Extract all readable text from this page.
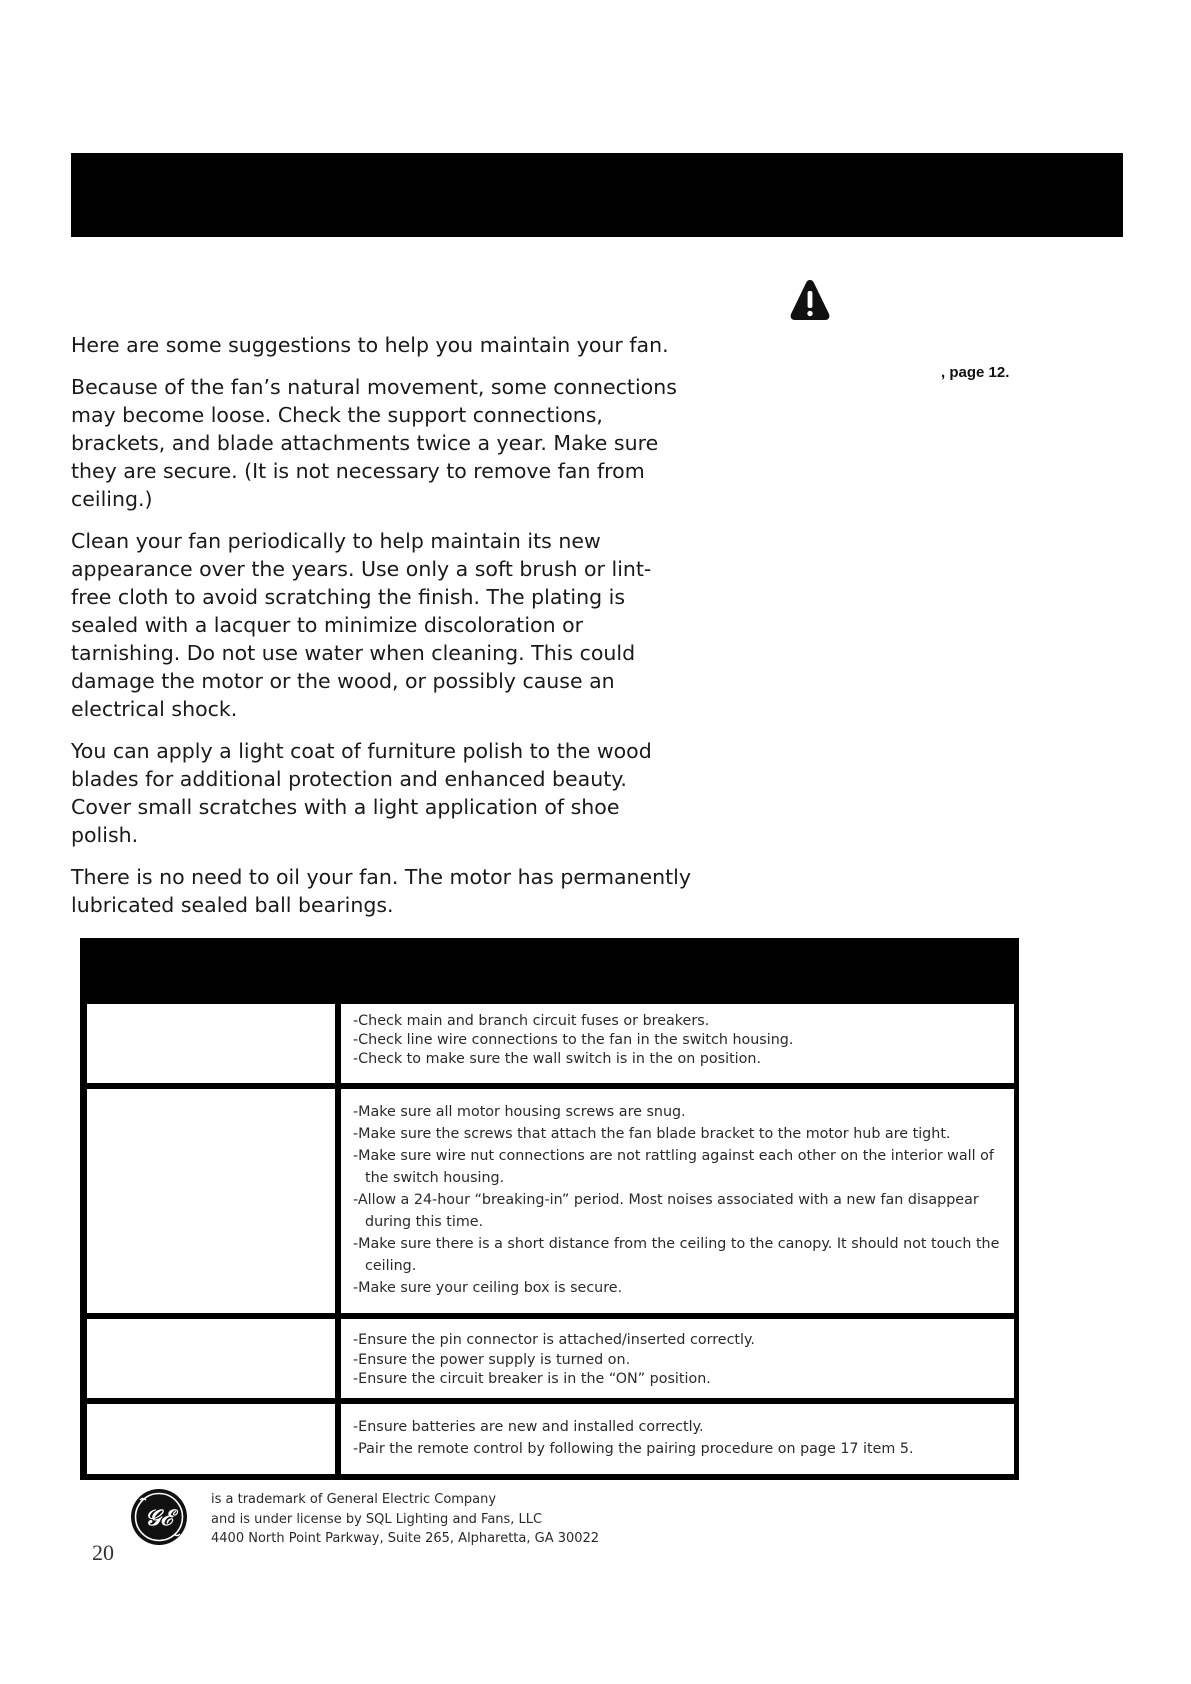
, page 12.

Here are some suggestions to help you maintain your fan.

Because of the fan’s natural movement, some connections may become loose. Check the support connections, brackets, and blade attachments twice a year. Make sure they are secure. (It is not necessary to remove fan from ceiling.)

Clean your fan periodically to help maintain its new appearance over the years. Use only a soft brush or lint-free cloth to avoid scratching the finish. The plating is sealed with a lacquer to minimize discoloration or tarnishing. Do not use water when cleaning. This could damage the motor or the wood, or possibly cause an electrical shock.

You can apply a light coat of furniture polish to the wood blades for additional protection and enhanced beauty. Cover small scratches with a light application of shoe polish.

There is no need to oil your fan. The motor has permanently lubricated sealed ball bearings.

-Check main and branch circuit fuses or breakers.
-Check line wire connections to the fan in the switch housing.
-Check to make sure the wall switch is in the on position.
-Make sure all motor housing screws are snug.
-Make sure the screws that attach the fan blade bracket to the motor hub are tight.
-Make sure wire nut connections are not rattling against each other on the interior wall of the switch housing.
-Allow a 24-hour “breaking-in” period. Most noises associated with a new fan disappear during this time.
-Make sure there is a short distance from the ceiling to the canopy. It should not touch the ceiling.
-Make sure your ceiling box is secure.
-Ensure the pin connector is attached/inserted correctly.
-Ensure the power supply is turned on.
-Ensure the circuit breaker is in the “ON” position.
-Ensure batteries are new and installed correctly.
-Pair the remote control by following the pairing procedure on page 17 item 5.
𝒢ℰ
is a trademark of General Electric Company
and is under license by SQL Lighting and Fans, LLC
4400 North Point Parkway, Suite 265, Alpharetta, GA 30022
20
